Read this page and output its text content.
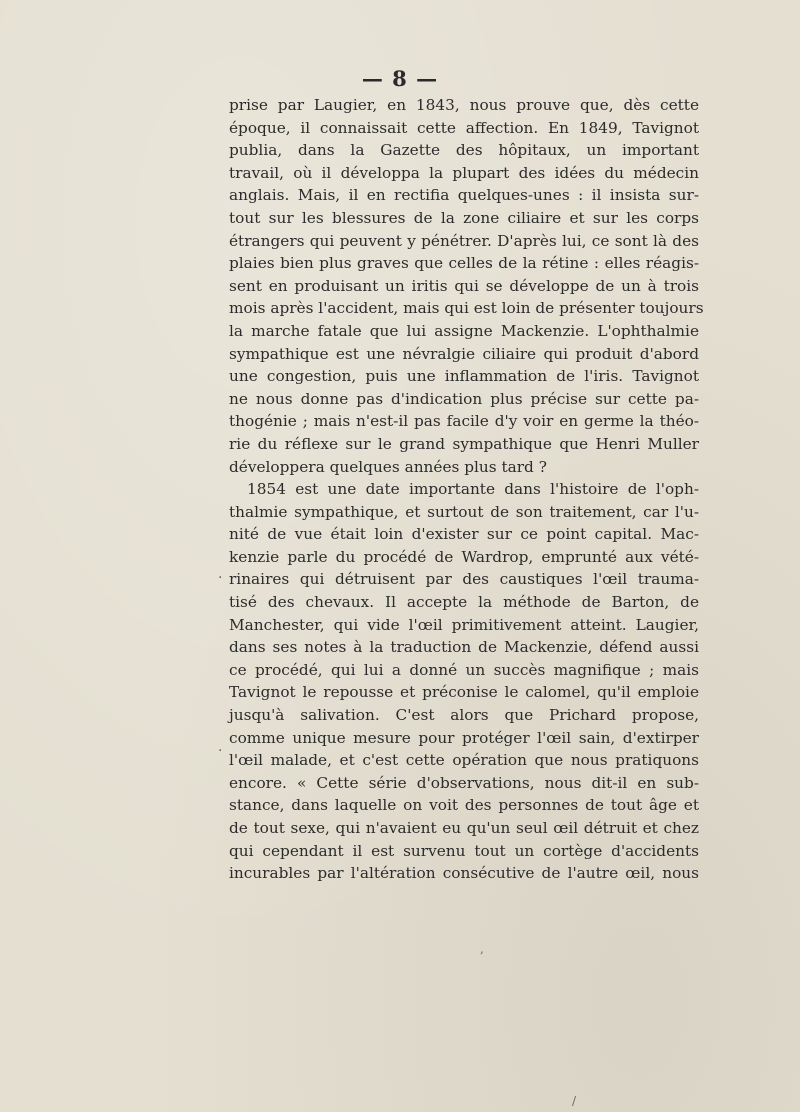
— 8 —
prise par Laugier, en 1843, nous prouve que, dès cette
époque, il connaissait cette affection. En 1849, Tavignot
publia, dans la Gazette des hôpitaux, un important
travail, où il développa la plupart des idées du médecin
anglais. Mais, il en rectifia quelques-unes : il insista sur-
tout sur les blessures de la zone ciliaire et sur les corps
étrangers qui peuvent y pénétrer. D'après lui, ce sont là des
plaies bien plus graves que celles de la rétine : elles réagis-
sent en produisant un iritis qui se développe de un à trois
mois après l'accident, mais qui est loin de présenter toujours
la marche fatale que lui assigne Mackenzie. L'ophthalmie
sympathique est une névralgie ciliaire qui produit d'abord
une congestion, puis une inflammation de l'iris. Tavignot
ne nous donne pas d'indication plus précise sur cette pa-
thogénie ; mais n'est-il pas facile d'y voir en germe la théo-
rie du réflexe sur le grand sympathique que Henri Muller
développera quelques années plus tard ?
1854 est une date importante dans l'histoire de l'oph-
thalmie sympathique, et surtout de son traitement, car l'u-
nité de vue était loin d'exister sur ce point capital. Mac-
kenzie parle du procédé de Wardrop, emprunté aux vété-
rinaires qui détruisent par des caustiques l'œil trauma-
tisé des chevaux. Il accepte la méthode de Barton, de
Manchester, qui vide l'œil primitivement atteint. Laugier,
dans ses notes à la traduction de Mackenzie, défend aussi
ce procédé, qui lui a donné un succès magnifique ; mais
Tavignot le repousse et préconise le calomel, qu'il emploie
jusqu'à salivation. C'est alors que Prichard propose,
comme unique mesure pour protéger l'œil sain, d'extirper
l'œil malade, et c'est cette opération que nous pratiquons
encore. « Cette série d'observations, nous dit-il en sub-
stance, dans laquelle on voit des personnes de tout âge et
de tout sexe, qui n'avaient eu qu'un seul œil détruit et chez
qui cependant il est survenu tout un cortège d'accidents
incurables par l'altération consécutive de l'autre œil, nous
·
·
,
/
